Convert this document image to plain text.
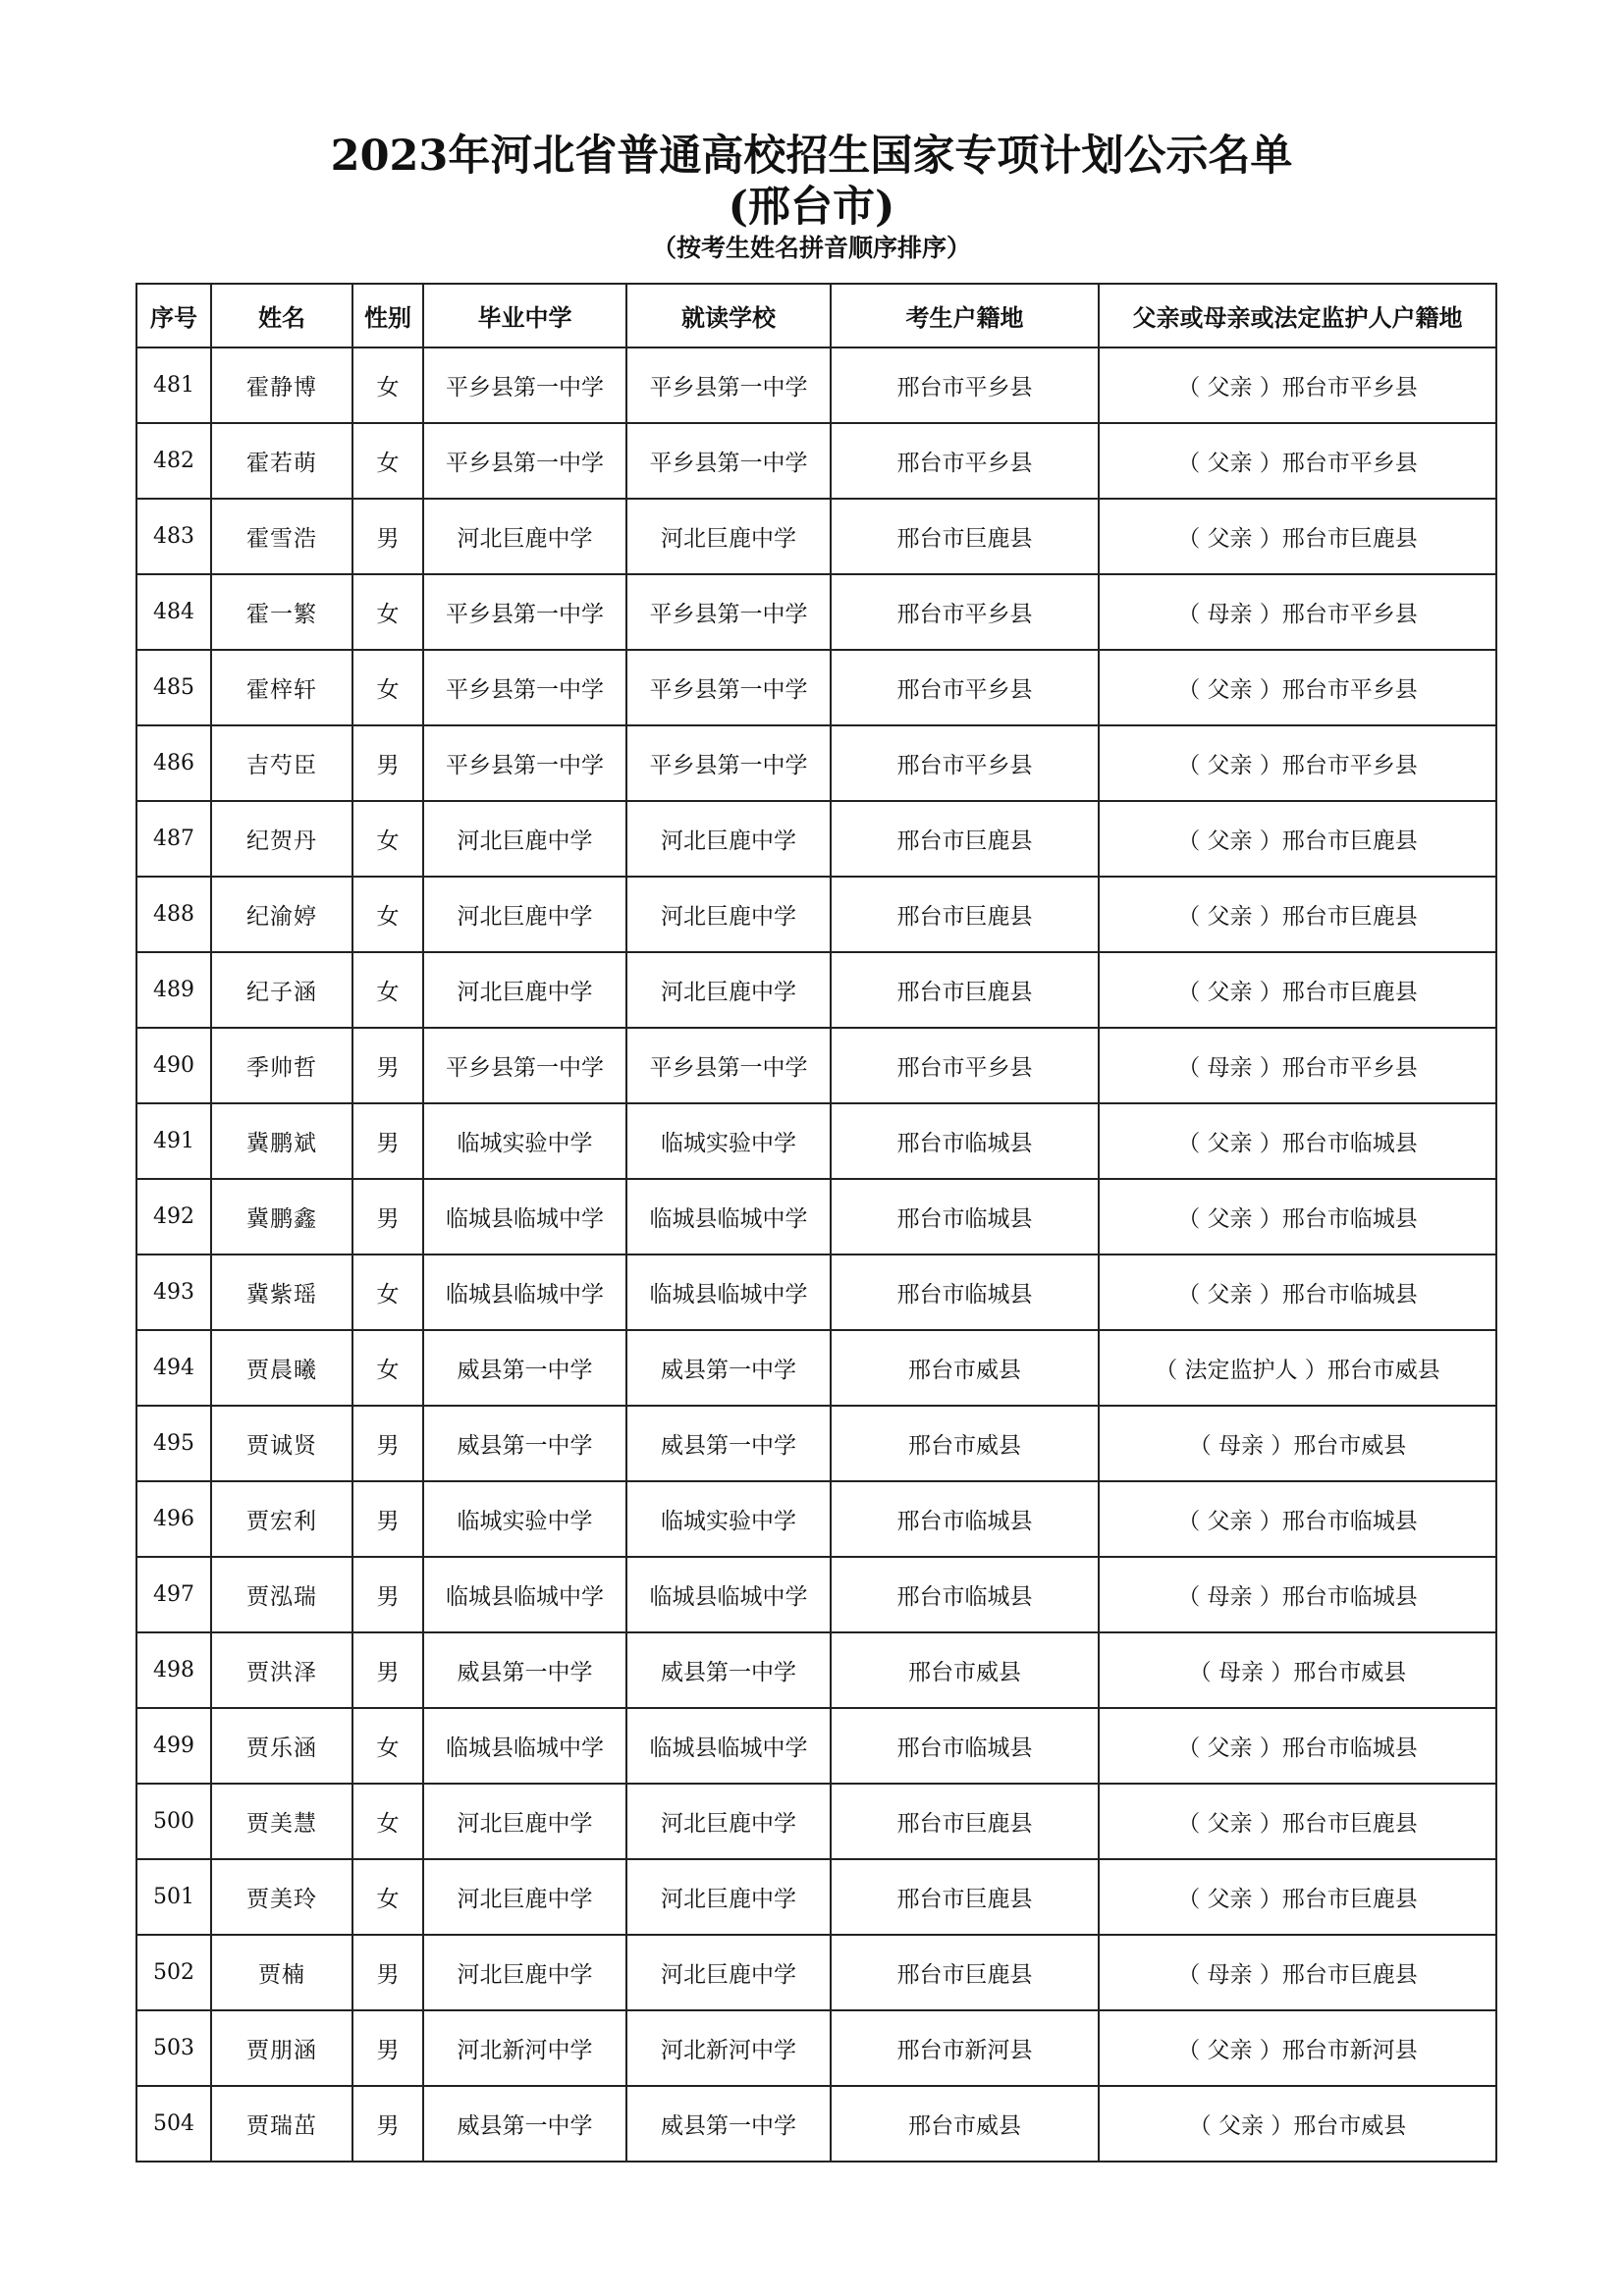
2023年河北省普通高校招生国家专项计划公示名单
(邢台市)
（按考生姓名拼音顺序排序）
序号	姓名	性别	毕业中学	就读学校	考生户籍地	父亲或母亲或法定监护人户籍地
481	霍静博	女	平乡县第一中学	平乡县第一中学	邢台市平乡县	（ 父亲 ）邢台市平乡县
482	霍若萌	女	平乡县第一中学	平乡县第一中学	邢台市平乡县	（ 父亲 ）邢台市平乡县
483	霍雪浩	男	河北巨鹿中学	河北巨鹿中学	邢台市巨鹿县	（ 父亲 ）邢台市巨鹿县
484	霍一繁	女	平乡县第一中学	平乡县第一中学	邢台市平乡县	（ 母亲 ）邢台市平乡县
485	霍梓轩	女	平乡县第一中学	平乡县第一中学	邢台市平乡县	（ 父亲 ）邢台市平乡县
486	吉芍臣	男	平乡县第一中学	平乡县第一中学	邢台市平乡县	（ 父亲 ）邢台市平乡县
487	纪贺丹	女	河北巨鹿中学	河北巨鹿中学	邢台市巨鹿县	（ 父亲 ）邢台市巨鹿县
488	纪渝婷	女	河北巨鹿中学	河北巨鹿中学	邢台市巨鹿县	（ 父亲 ）邢台市巨鹿县
489	纪子涵	女	河北巨鹿中学	河北巨鹿中学	邢台市巨鹿县	（ 父亲 ）邢台市巨鹿县
490	季帅哲	男	平乡县第一中学	平乡县第一中学	邢台市平乡县	（ 母亲 ）邢台市平乡县
491	冀鹏斌	男	临城实验中学	临城实验中学	邢台市临城县	（ 父亲 ）邢台市临城县
492	冀鹏鑫	男	临城县临城中学	临城县临城中学	邢台市临城县	（ 父亲 ）邢台市临城县
493	冀紫瑶	女	临城县临城中学	临城县临城中学	邢台市临城县	（ 父亲 ）邢台市临城县
494	贾晨曦	女	威县第一中学	威县第一中学	邢台市威县	（ 法定监护人 ）邢台市威县
495	贾诚贤	男	威县第一中学	威县第一中学	邢台市威县	（ 母亲 ）邢台市威县
496	贾宏利	男	临城实验中学	临城实验中学	邢台市临城县	（ 父亲 ）邢台市临城县
497	贾泓瑞	男	临城县临城中学	临城县临城中学	邢台市临城县	（ 母亲 ）邢台市临城县
498	贾洪泽	男	威县第一中学	威县第一中学	邢台市威县	（ 母亲 ）邢台市威县
499	贾乐涵	女	临城县临城中学	临城县临城中学	邢台市临城县	（ 父亲 ）邢台市临城县
500	贾美慧	女	河北巨鹿中学	河北巨鹿中学	邢台市巨鹿县	（ 父亲 ）邢台市巨鹿县
501	贾美玲	女	河北巨鹿中学	河北巨鹿中学	邢台市巨鹿县	（ 父亲 ）邢台市巨鹿县
502	贾楠	男	河北巨鹿中学	河北巨鹿中学	邢台市巨鹿县	（ 母亲 ）邢台市巨鹿县
503	贾朋涵	男	河北新河中学	河北新河中学	邢台市新河县	（ 父亲 ）邢台市新河县
504	贾瑞茁	男	威县第一中学	威县第一中学	邢台市威县	（ 父亲 ）邢台市威县
